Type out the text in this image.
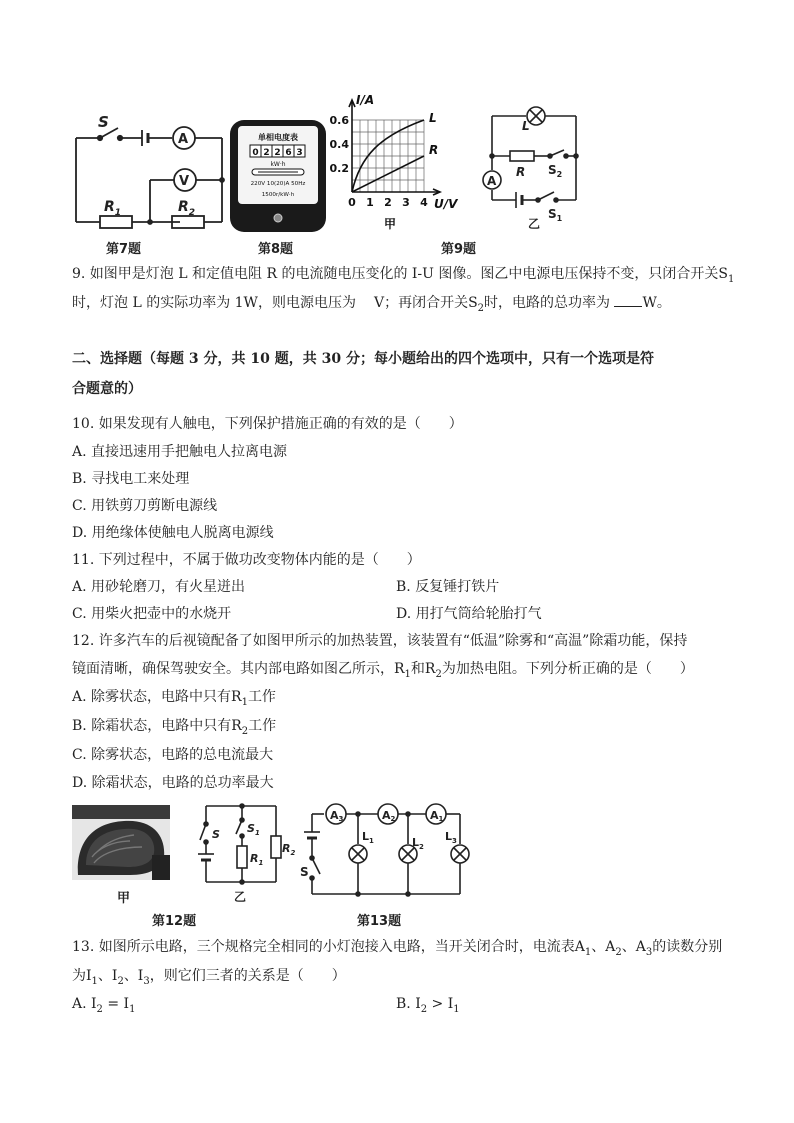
S
A
V
$R_1$	$R_2$
第7题
单相电度表
0 2 2 6 3
kW·h
220V 10(20)A 50Hz
1500r/kW·h
第8题
I/A
0.6
0.4
0.2
0 1 2 3 4 U/V
L
R
甲
L
R
A
$S_2$
$S_1$
乙
第9题
9. 如图甲是灯泡 L 和定值电阻 R 的电流随电压变化的 I-U 图像。图乙中电源电压保持不变，只闭合开关$S_1$
时，灯泡 L 的实际功率为 1W，则电源电压为 V；再闭合开关$S_2$时，电路的总功率为 W。
二、选择题（每题 3 分，共 10 题，共 30 分；每小题给出的四个选项中，只有一个选项是符
合题意的）
10. 如果发现有人触电，下列保护措施正确的有效的是（　　）
A. 直接迅速用手把触电人拉离电源
B. 寻找电工来处理
C. 用铁剪刀剪断电源线
D. 用绝缘体使触电人脱离电源线
11. 下列过程中，不属于做功改变物体内能的是（　　）
A. 用砂轮磨刀，有火星迸出	B. 反复锤打铁片
C. 用柴火把壶中的水烧开	D. 用打气筒给轮胎打气
12. 许多汽车的后视镜配备了如图甲所示的加热装置，该装置有“低温”除雾和“高温”除霜功能，保持
镜面清晰，确保驾驶安全。其内部电路如图乙所示，$R_1$和$R_2$为加热电阻。下列分析正确的是（　　）
A. 除雾状态，电路中只有$R_1$工作
B. 除霜状态，电路中只有$R_2$工作
C. 除雾状态，电路的总电流最大
D. 除霜状态，电路的总功率最大
甲
S $S_1$
$R_1$
$R_2$
乙
第12题
A3	A2	A1
$L_1$	$L_2$
$L_3$
S
第13题
13. 如图所示电路，三个规格完全相同的小灯泡接入电路，当开关闭合时，电流表$A_1$、$A_2$、$A_3$的读数分别
为$I_1$、$I_2$、$I_3$，则它们三者的关系是（　　）
A. $I_2 = I_1$	B. $I_2 > I_1$
